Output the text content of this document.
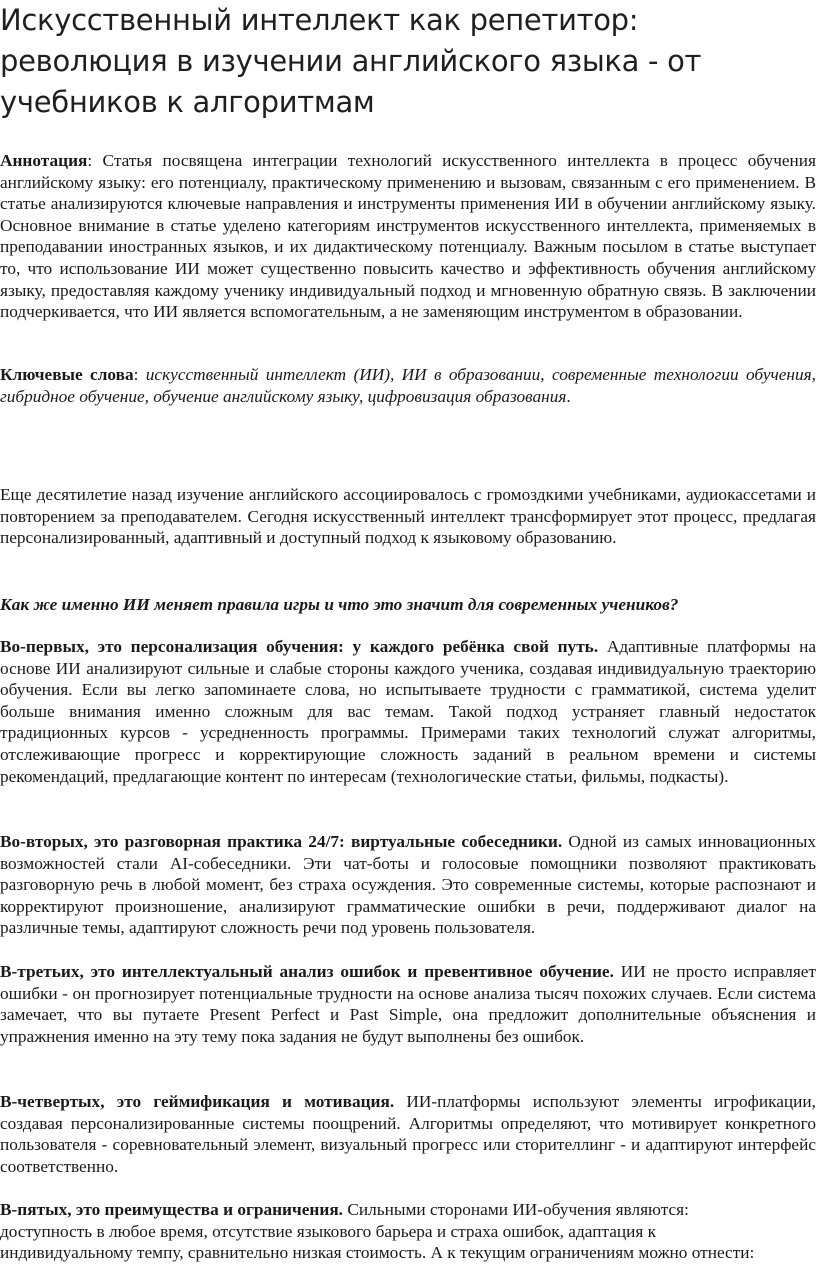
Искусственный интеллект как репетитор: революция в изучении английского языка - от учебников к алгоритмам

Аннотация: Статья посвящена интеграции технологий искусственного интеллекта в процесс обучения английскому языку: его потенциалу, практическому применению и вызовам, связанным с его применением. В статье анализируются ключевые направления и инструменты применения ИИ в обучении английскому языку. Основное внимание в статье уделено категориям инструментов искусственного интеллекта, применяемых в преподавании иностранных языков, и их дидактическому потенциалу. Важным посылом в статье выступает то, что использование ИИ может существенно повысить качество и эффективность обучения английскому языку, предоставляя каждому ученику индивидуальный подход и мгновенную обратную связь. В заключении подчеркивается, что ИИ является вспомогательным, а не заменяющим инструментом в образовании.

Ключевые слова: искусственный интеллект (ИИ), ИИ в образовании, современные технологии обучения, гибридное обучение, обучение английскому языку, цифровизация образования.

Еще десятилетие назад изучение английского ассоциировалось с громоздкими учебниками, аудиокассетами и повторением за преподавателем. Сегодня искусственный интеллект трансформирует этот процесс, предлагая персонализированный, адаптивный и доступный подход к языковому образованию.

Как же именно ИИ меняет правила игры и что это значит для современных учеников?

Во-первых, это персонализация обучения: у каждого ребёнка свой путь. Адаптивные платформы на основе ИИ анализируют сильные и слабые стороны каждого ученика, создавая индивидуальную траекторию обучения. Если вы легко запоминаете слова, но испытываете трудности с грамматикой, система уделит больше внимания именно сложным для вас темам. Такой подход устраняет главный недостаток традиционных курсов - усредненность программы. Примерами таких технологий служат алгоритмы, отслеживающие прогресс и корректирующие сложность заданий в реальном времени и системы рекомендаций, предлагающие контент по интересам (технологические статьи, фильмы, подкасты).

Во-вторых, это разговорная практика 24/7: виртуальные собеседники. Одной из самых инновационных возможностей стали AI-собеседники. Эти чат-боты и голосовые помощники позволяют практиковать разговорную речь в любой момент, без страха осуждения. Это современные системы, которые распознают и корректируют произношение, анализируют грамматические ошибки в речи, поддерживают диалог на различные темы, адаптируют сложность речи под уровень пользователя.

В-третьих, это интеллектуальный анализ ошибок и превентивное обучение. ИИ не просто исправляет ошибки - он прогнозирует потенциальные трудности на основе анализа тысяч похожих случаев. Если система замечает, что вы путаете Present Perfect и Past Simple, она предложит дополнительные объяснения и упражнения именно на эту тему пока задания не будут выполнены без ошибок.

В-четвертых, это геймификация и мотивация. ИИ-платформы используют элементы игрофикации, создавая персонализированные системы поощрений. Алгоритмы определяют, что мотивирует конкретного пользователя - соревновательный элемент, визуальный прогресс или сторителлинг - и адаптируют интерфейс соответственно.

В-пятых, это преимущества и ограничения. Сильными сторонами ИИ-обучения являются:
доступность в любое время, отсутствие языкового барьера и страха ошибок, адаптация к
индивидуальному темпу, сравнительно низкая стоимость. А к текущим ограничениям можно отнести:
